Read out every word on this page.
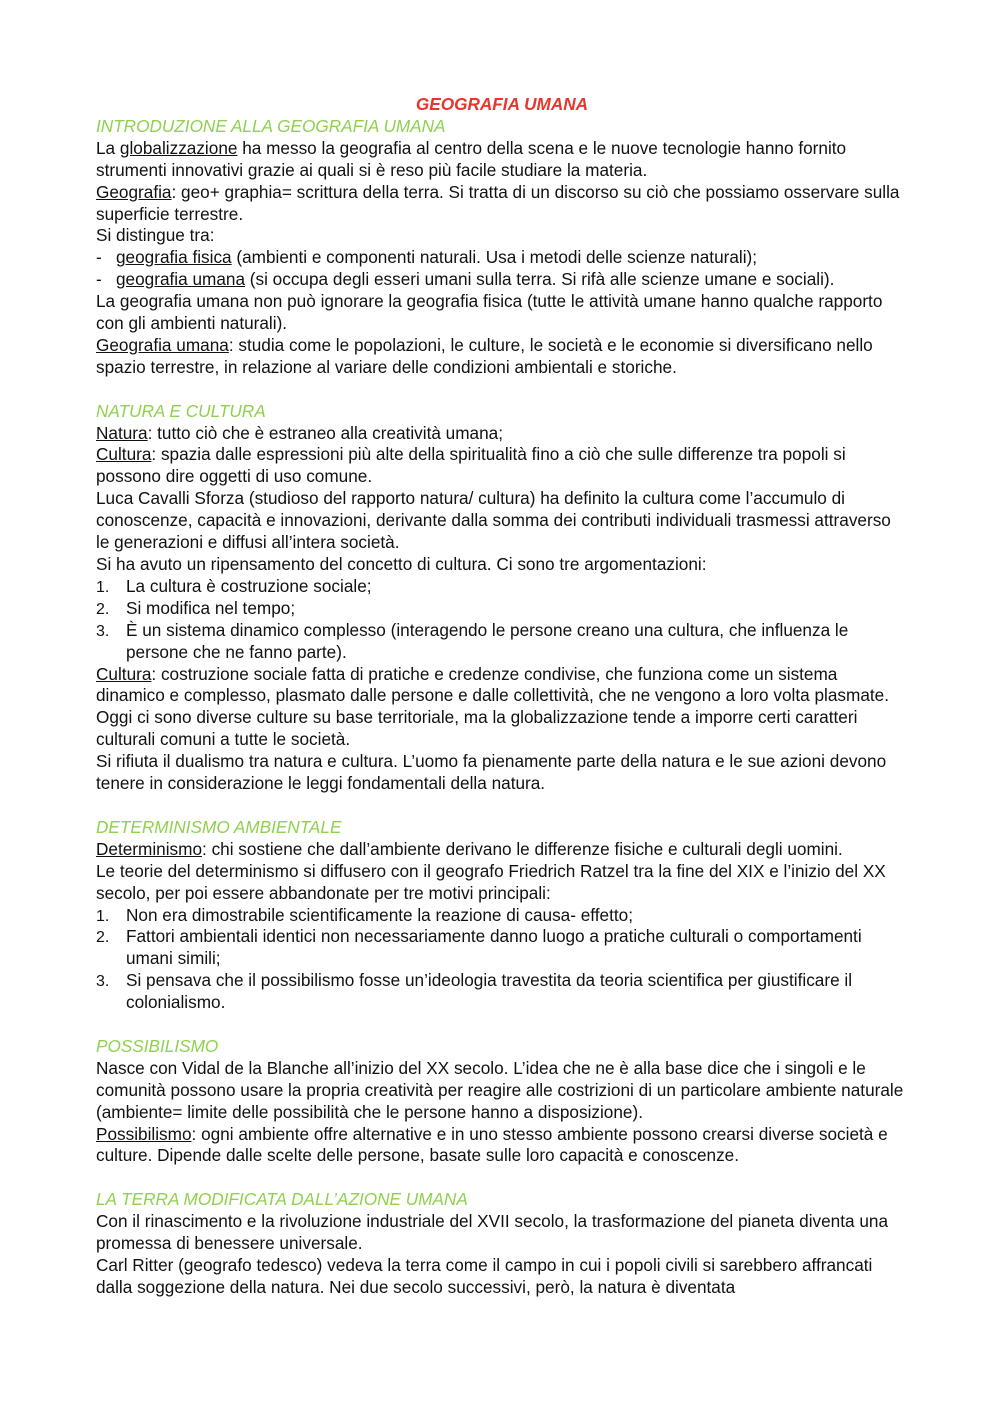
GEOGRAFIA UMANA
INTRODUZIONE ALLA GEOGRAFIA UMANA

La globalizzazione ha messo la geografia al centro della scena e le nuove tecnologie hanno fornito strumenti innovativi grazie ai quali si è reso più facile studiare la materia.

Geografia: geo+ graphia= scrittura della terra. Si tratta di un discorso su ciò che possiamo osservare sulla superficie terrestre.

Si distingue tra:

- geografia fisica (ambienti e componenti naturali. Usa i metodi delle scienze naturali);
- geografia umana (si occupa degli esseri umani sulla terra. Si rifà alle scienze umane e sociali).

La geografia umana non può ignorare la geografia fisica (tutte le attività umane hanno qualche rapporto con gli ambienti naturali).

Geografia umana: studia come le popolazioni, le culture, le società e le economie si diversificano nello spazio terrestre, in relazione al variare delle condizioni ambientali e storiche.

NATURA E CULTURA

Natura: tutto ciò che è estraneo alla creatività umana;

Cultura: spazia dalle espressioni più alte della spiritualità fino a ciò che sulle differenze tra popoli si possono dire oggetti di uso comune.

Luca Cavalli Sforza (studioso del rapporto natura/ cultura) ha definito la cultura come l’accumulo di conoscenze, capacità e innovazioni, derivante dalla somma dei contributi individuali trasmessi attraverso le generazioni e diffusi all’intera società.

Si ha avuto un ripensamento del concetto di cultura. Ci sono tre argomentazioni:

1. La cultura è costruzione sociale;
2. Si modifica nel tempo;
3. È un sistema dinamico complesso (interagendo le persone creano una cultura, che influenza le persone che ne fanno parte).

Cultura: costruzione sociale fatta di pratiche e credenze condivise, che funziona come un sistema dinamico e complesso, plasmato dalle persone e dalle collettività, che ne vengono a loro volta plasmate.

Oggi ci sono diverse culture su base territoriale, ma la globalizzazione tende a imporre certi caratteri culturali comuni a tutte le società.

Si rifiuta il dualismo tra natura e cultura. L’uomo fa pienamente parte della natura e le sue azioni devono tenere in considerazione le leggi fondamentali della natura.

DETERMINISMO AMBIENTALE

Determinismo: chi sostiene che dall’ambiente derivano le differenze fisiche e culturali degli uomini.

Le teorie del determinismo si diffusero con il geografo Friedrich Ratzel tra la fine del XIX e l’inizio del XX secolo, per poi essere abbandonate per tre motivi principali:

1. Non era dimostrabile scientificamente la reazione di causa- effetto;
2. Fattori ambientali identici non necessariamente danno luogo a pratiche culturali o comportamenti umani simili;
3. Si pensava che il possibilismo fosse un’ideologia travestita da teoria scientifica per giustificare il colonialismo.
POSSIBILISMO

Nasce con Vidal de la Blanche all’inizio del XX secolo. L’idea che ne è alla base dice che i singoli e le comunità possono usare la propria creatività per reagire alle costrizioni di un particolare ambiente naturale (ambiente= limite delle possibilità che le persone hanno a disposizione).

Possibilismo: ogni ambiente offre alternative e in uno stesso ambiente possono crearsi diverse società e culture. Dipende dalle scelte delle persone, basate sulle loro capacità e conoscenze.

LA TERRA MODIFICATA DALL’AZIONE UMANA

Con il rinascimento e la rivoluzione industriale del XVII secolo, la trasformazione del pianeta diventa una promessa di benessere universale.

Carl Ritter (geografo tedesco) vedeva la terra come il campo in cui i popoli civili si sarebbero affrancati dalla soggezione della natura. Nei due secolo successivi, però, la natura è diventata
